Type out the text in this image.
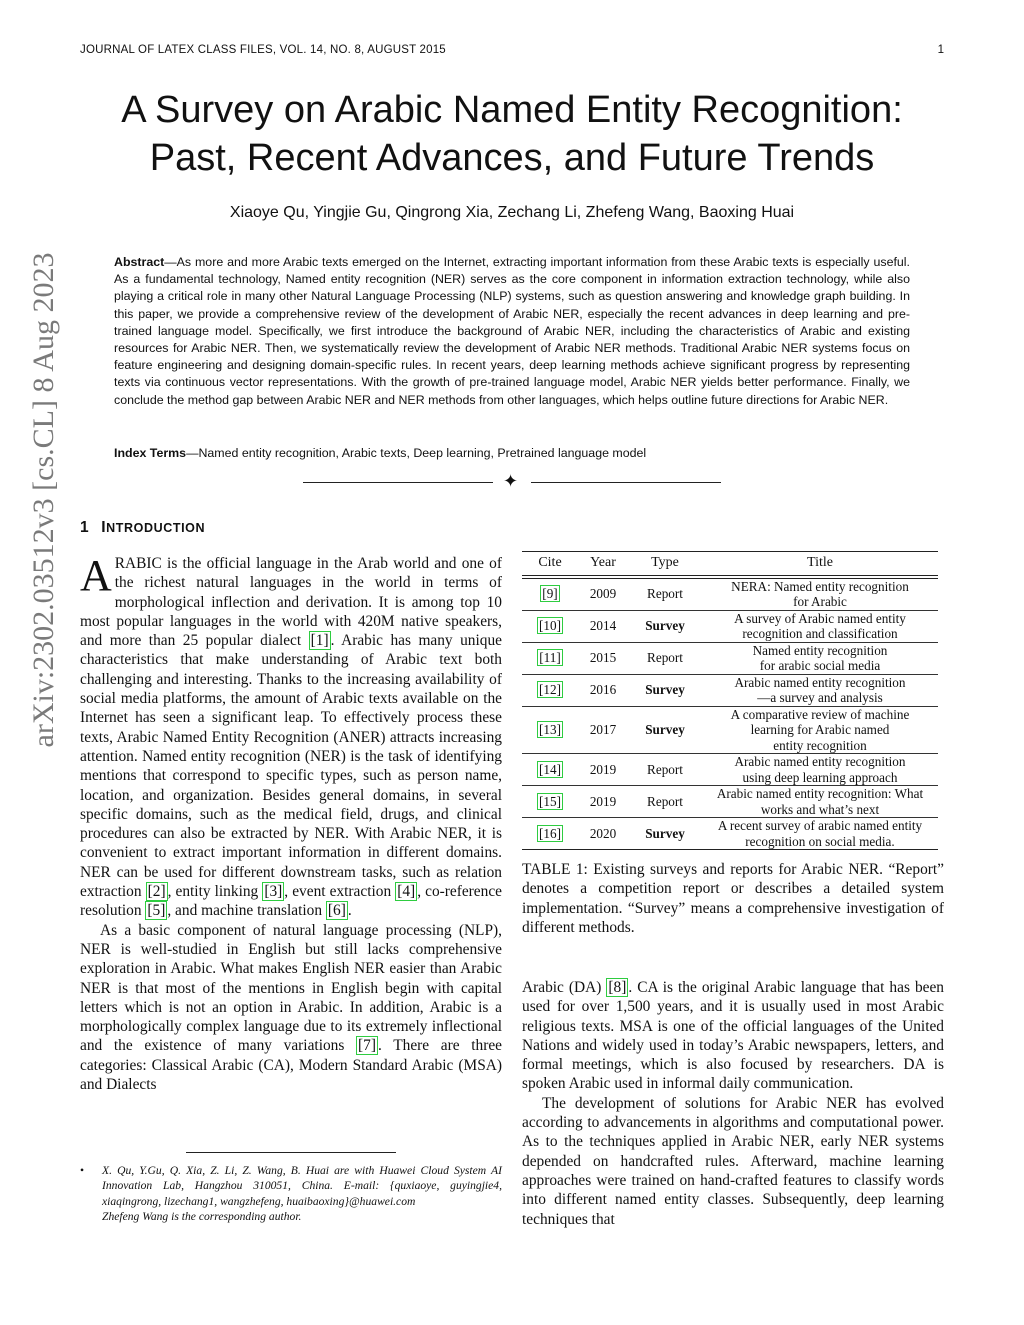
JOURNAL OF LATEX CLASS FILES, VOL. 14, NO. 8, AUGUST 2015	1
A Survey on Arabic Named Entity Recognition:
Past, Recent Advances, and Future Trends
Xiaoye Qu, Yingjie Gu, Qingrong Xia, Zechang Li, Zhefeng Wang, Baoxing Huai
Abstract—As more and more Arabic texts emerged on the Internet, extracting important information from these Arabic texts is especially useful. As a fundamental technology, Named entity recognition (NER) serves as the core component in information extraction technology, while also playing a critical role in many other Natural Language Processing (NLP) systems, such as question answering and knowledge graph building. In this paper, we provide a comprehensive review of the development of Arabic NER, especially the recent advances in deep learning and pre-trained language model. Specifically, we first introduce the background of Arabic NER, including the characteristics of Arabic and existing resources for Arabic NER. Then, we systematically review the development of Arabic NER methods. Traditional Arabic NER systems focus on feature engineering and designing domain-specific rules. In recent years, deep learning methods achieve significant progress by representing texts via continuous vector representations. With the growth of pre-trained language model, Arabic NER yields better performance. Finally, we conclude the method gap between Arabic NER and NER methods from other languages, which helps outline future directions for Arabic NER.
Index Terms—Named entity recognition, Arabic texts, Deep learning, Pretrained language model
✦
arXiv:2302.03512v3 [cs.CL] 8 Aug 2023 1 INTRODUCTION

ARABIC is the official language in the Arab world and one of the richest natural languages in the world in terms of morphological inflection and derivation. It is among top 10 most popular languages in the world with 420M native speakers, and more than 25 popular dialect [1] . Arabic has many unique characteristics that make understanding of Arabic text both challenging and interesting. Thanks to the increasing availability of social media platforms, the amount of Arabic texts available on the Internet has seen a significant leap. To effectively process these texts, Arabic Named Entity Recognition (ANER) attracts increasing attention. Named entity recognition (NER) is the task of identifying mentions that correspond to specific types, such as person name, location, and organization. Besides general domains, in several specific domains, such as the medical field, drugs, and clinical procedures can also be extracted by NER. With Arabic NER, it is convenient to extract important information in different domains. NER can be used for different downstream tasks, such as relation extraction [2] , entity linking [3] , event extraction [4] , co-reference resolution [5] , and machine translation [6] .

As a basic component of natural language processing (NLP), NER is well-studied in English but still lacks comprehensive exploration in Arabic. What makes English NER easier than Arabic NER is that most of the mentions in English begin with capital letters which is not an option in Arabic. In addition, Arabic is a morphologically complex language due to its extremely inflectional and the existence of many variations [7] . There are three categories: Classical Arabic (CA), Modern Standard Arabic (MSA) and Dialects

Cite	Year	Type	Title
[9]	2009	Report	NERA: Named entity recognition
for Arabic

[10]	2014	Survey	A survey of Arabic named entity
recognition and classification

[11]	2015	Report	Named entity recognition
for arabic social media

[12]	2016	Survey	Arabic named entity recognition
—a survey and analysis

[13]	2017	Survey	A comparative review of machine
learning for Arabic named
entity recognition

[14]	2019	Report	Arabic named entity recognition
using deep learning approach

[15]	2019	Report	Arabic named entity recognition: What
works and what’s next

[16]	2020	Survey	A recent survey of arabic named entity
recognition on social media.
TABLE 1: Existing surveys and reports for Arabic NER. “Report” denotes a competition report or describes a detailed system implementation. “Survey” means a comprehensive investigation of different methods.

Arabic (DA) [8] . CA is the original Arabic language that has been used for over 1,500 years, and it is usually used in most Arabic religious texts. MSA is one of the official languages of the United Nations and widely used in today’s Arabic newspapers, letters, and formal meetings, which is also focused by researchers. DA is spoken Arabic used in informal daily communication.

The development of solutions for Arabic NER has evolved according to advancements in algorithms and computational power. As to the techniques applied in Arabic NER, early NER systems depended on handcrafted rules. Afterward, machine learning approaches were trained on hand-crafted features to classify words into different named entity classes. Subsequently, deep learning techniques that

• X. Qu, Y.Gu, Q. Xia, Z. Li, Z. Wang, B. Huai are with Huawei Cloud System AI Innovation Lab, Hangzhou 310051, China. E-mail: {quxiaoye, guyingjie4, xiaqingrong, lizechang1, wangzhefeng, huaibaoxing}@huawei.com
Zhefeng Wang is the corresponding author.
